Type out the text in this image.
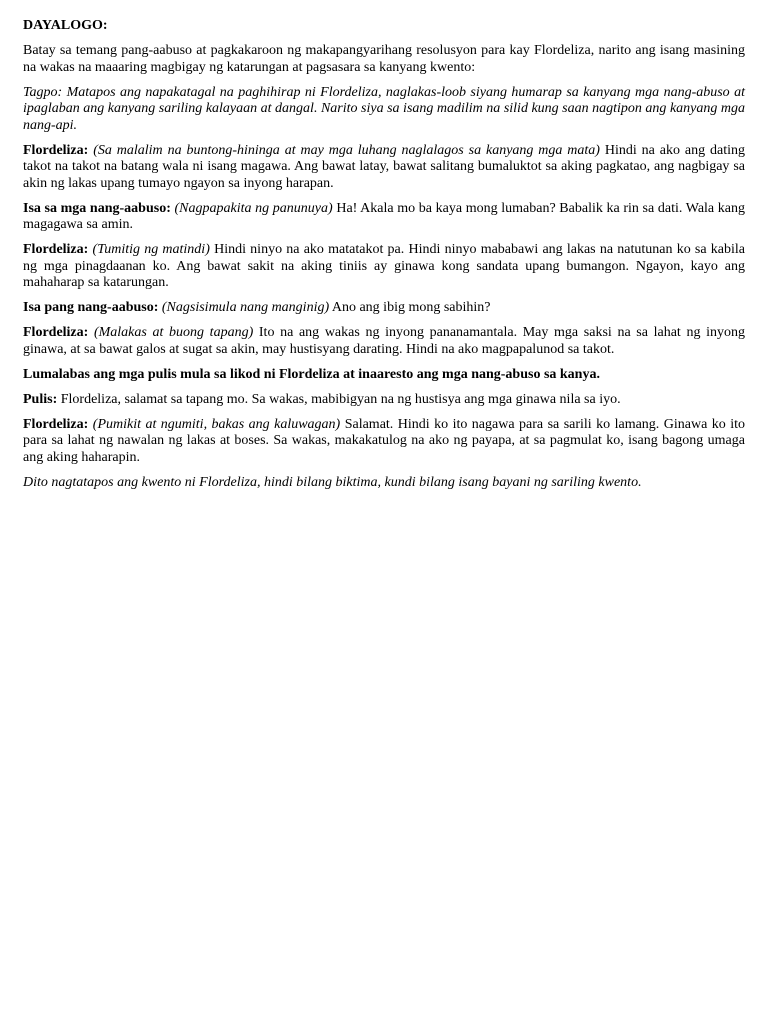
DAYALOGO:

Batay sa temang pang-aabuso at pagkakaroon ng makapangyarihang resolusyon para kay Flordeliza, narito ang isang masining na wakas na maaaring magbigay ng katarungan at pagsasara sa kanyang kwento:

Tagpo: Matapos ang napakatagal na paghihirap ni Flordeliza, naglakas-loob siyang humarap sa kanyang mga nang-abuso at ipaglaban ang kanyang sariling kalayaan at dangal. Narito siya sa isang madilim na silid kung saan nagtipon ang kanyang mga nang-api.

Flordeliza: (Sa malalim na buntong-hininga at may mga luhang naglalagos sa kanyang mga mata) Hindi na ako ang dating takot na takot na batang wala ni isang magawa. Ang bawat latay, bawat salitang bumaluktot sa aking pagkatao, ang nagbigay sa akin ng lakas upang tumayo ngayon sa inyong harapan.

Isa sa mga nang-aabuso: (Nagpapakita ng panunuya) Ha! Akala mo ba kaya mong lumaban? Babalik ka rin sa dati. Wala kang magagawa sa amin.

Flordeliza: (Tumitig ng matindi) Hindi ninyo na ako matatakot pa. Hindi ninyo mababawi ang lakas na natutunan ko sa kabila ng mga pinagdaanan ko. Ang bawat sakit na aking tiniis ay ginawa kong sandata upang bumangon. Ngayon, kayo ang mahaharap sa katarungan.

Isa pang nang-aabuso: (Nagsisimula nang manginig) Ano ang ibig mong sabihin?

Flordeliza: (Malakas at buong tapang) Ito na ang wakas ng inyong pananamantala. May mga saksi na sa lahat ng inyong ginawa, at sa bawat galos at sugat sa akin, may hustisyang darating. Hindi na ako magpapalunod sa takot.

Lumalabas ang mga pulis mula sa likod ni Flordeliza at inaaresto ang mga nang-abuso sa kanya.

Pulis: Flordeliza, salamat sa tapang mo. Sa wakas, mabibigyan na ng hustisya ang mga ginawa nila sa iyo.

Flordeliza: (Pumikit at ngumiti, bakas ang kaluwagan) Salamat. Hindi ko ito nagawa para sa sarili ko lamang. Ginawa ko ito para sa lahat ng nawalan ng lakas at boses. Sa wakas, makakatulog na ako ng payapa, at sa pagmulat ko, isang bagong umaga ang aking haharapin.

Dito nagtatapos ang kwento ni Flordeliza, hindi bilang biktima, kundi bilang isang bayani ng sariling kwento.
